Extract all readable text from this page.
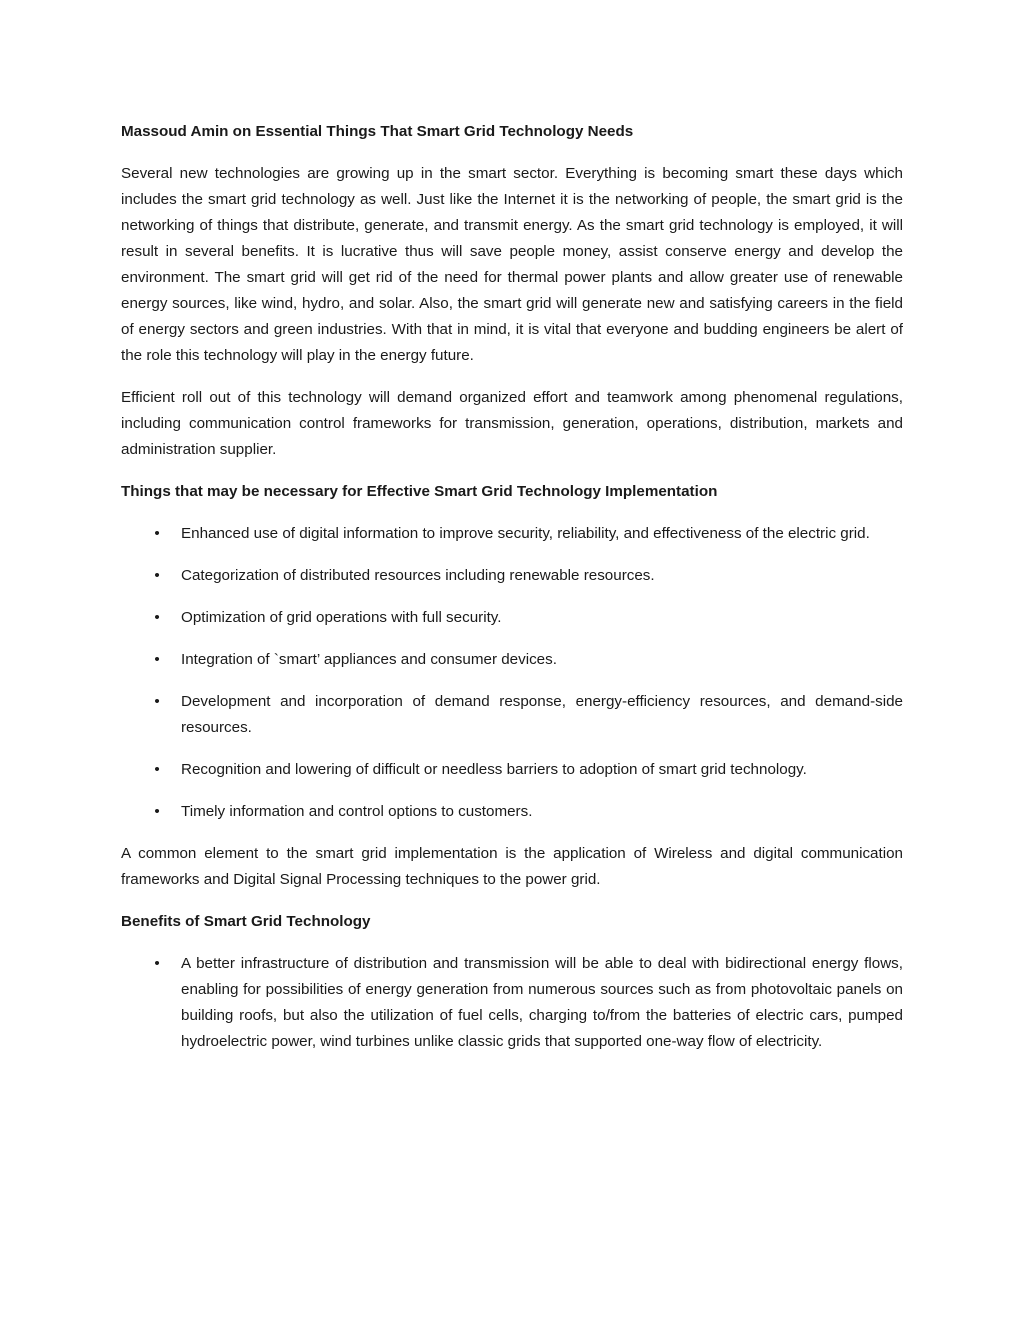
Massoud Amin on Essential Things That Smart Grid Technology Needs

Several new technologies are growing up in the smart sector. Everything is becoming smart these days which includes the smart grid technology as well. Just like the Internet it is the networking of people, the smart grid is the networking of things that distribute, generate, and transmit energy. As the smart grid technology is employed, it will result in several benefits. It is lucrative thus will save people money, assist conserve energy and develop the environment. The smart grid will get rid of the need for thermal power plants and allow greater use of renewable energy sources, like wind, hydro, and solar. Also, the smart grid will generate new and satisfying careers in the field of energy sectors and green industries. With that in mind, it is vital that everyone and budding engineers be alert of the role this technology will play in the energy future.

Efficient roll out of this technology will demand organized effort and teamwork among phenomenal regulations, including communication control frameworks for transmission, generation, operations, distribution, markets and administration supplier.

Things that may be necessary for Effective Smart Grid Technology Implementation
• Enhanced use of digital information to improve security, reliability, and effectiveness of the electric grid.
• Categorization of distributed resources including renewable resources.
• Optimization of grid operations with full security.
• Integration of `smart’ appliances and consumer devices.
• Development and incorporation of demand response, energy-efficiency resources, and demand-side resources.
• Recognition and lowering of difficult or needless barriers to adoption of smart grid technology.
• Timely information and control options to customers.

A common element to the smart grid implementation is the application of Wireless and digital communication frameworks and Digital Signal Processing techniques to the power grid.

Benefits of Smart Grid Technology
• A better infrastructure of distribution and transmission will be able to deal with bidirectional energy flows, enabling for possibilities of energy generation from numerous sources such as from photovoltaic panels on building roofs, but also the utilization of fuel cells, charging to/from the batteries of electric cars, pumped hydroelectric power, wind turbines unlike classic grids that supported one-way flow of electricity.
